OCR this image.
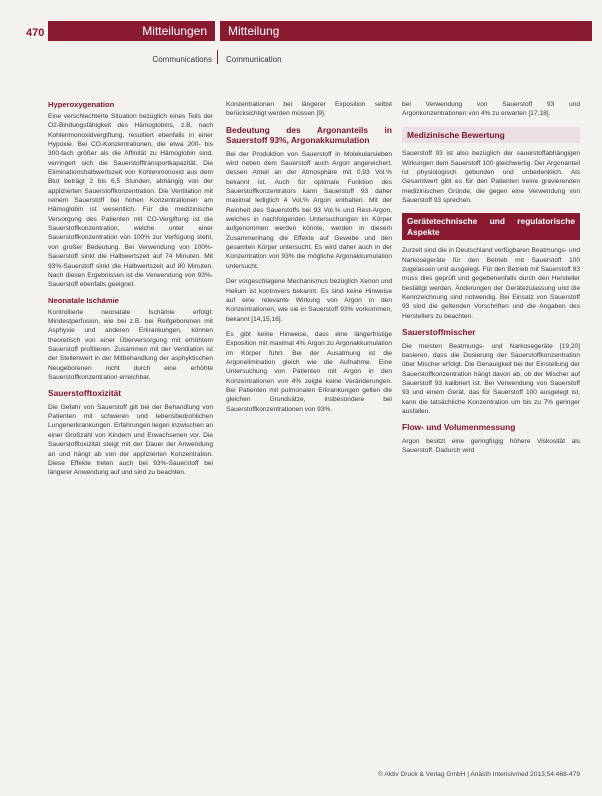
470	Mitteilungen Mitteilung
Communications Communication
Hyperoxygenation

Eine verschlechterte Situation bezüglich eines Teils der O2-Bindungsfähigkeit des Hämoglobins, z.B. nach Kohlenmonoxidvergiftung, resultiert ebenfalls in einer Hypoxie. Bei CO-Konzentrationen, die etwa 200- bis 300-fach größer als die Affinität zu Hämoglobin sind, verringert sich die Sauerstofftransportkapazität. Die Eliminationshalbwertszeit von Kohlenmonoxid aus dem Blut beträgt 2 bis 6,5 Stunden, abhängig von der applizierten Sauerstoffkonzentration. Die Ventilation mit reinem Sauerstoff bei hohen Konzentrationen am Hämoglobin ist wesentlich. Für die medizinische Versorgung des Patienten mit CO-Vergiftung ist die Sauerstoffkonzentration, welche unter einer Sauerstoffkonzentration von 100% zur Verfügung steht, von großer Bedeutung. Bei Verwendung von 100%-Sauerstoff sinkt die Halbwertszeit auf 74 Minuten. Mit 93%-Sauerstoff sinkt die Halbwertszeit auf 80 Minuten. Nach diesen Ergebnissen ist die Verwendung von 93%-Sauerstoff ebenfalls geeignet.

Neonatale Ischämie

Kontrollierte neonatale Ischämie erfolgt: Mindestperfusion, wie bei z.B. bei Reifgeborenen mit Asphyxie und anderen Erkrankungen, können theoretisch von einer Überversorgung mit erhöhtem Sauerstoff profitieren. Zusammen mit der Ventilation ist der Stellenwert in der Mitbehandlung der asphyktischen Neugeborenen nicht durch eine erhöhte Sauerstoffkonzentration erreichbar.

Sauerstofftoxizität

Die Gefahr von Sauerstoff gilt bei der Behandlung von Patienten mit schweren und lebensbedrohlichen Lungenerkrankungen. Erfahrungen liegen inzwischen an einer Großzahl von Kindern und Erwachsenen vor. Die Sauerstofftoxizität steigt mit der Dauer der Anwendung an und hängt ab von der applizierten Konzentration. Diese Effekte treten auch bei 93%-Sauerstoff bei längerer Anwendung auf und sind zu beachten.

Konzentrationen bei längerer Exposition selbst berücksichtigt werden müssen [9].

Bedeutung des Argonanteils in Sauerstoff 93%, Argonakkumulation

Bei der Produktion von Sauerstoff in Molekularsieben wird neben dem Sauerstoff auch Argon angereichert, dessen Anteil an der Atmosphäre mit 0,93 Vol.% bekannt ist. Auch für optimale Funktion des Sauerstoffkonzentrators kann Sauerstoff 93 daher maximal lediglich 4 Vol.% Argon enthalten. Mit der Reinheit des Sauerstoffs bei 93 Vol.% und Rest-Argon, welches in nachfolgenden Untersuchungen im Körper aufgenommen werden könnte, werden in diesem Zusammenhang die Effekte auf Gewebe und den gesamten Körper untersucht. Es wird daher auch in der Konzentration von 93% die mögliche Argonakkumulation untersucht.

Der vorgeschlagene Mechanismus bezüglich Xenon und Helium ist kontrovers bekannt. Es sind keine Hinweise auf eine relevante Wirkung von Argon in den Konzentrationen, wie sie in Sauerstoff 93% vorkommen, bekannt [14,15,16].

Es gibt keine Hinweise, dass eine längerfristige Exposition mit maximal 4% Argon zu Argonakkumulation im Körper führt. Bei der Ausatmung ist die Argonelimination gleich wie die Aufnahme. Eine Untersuchung von Patienten mit Argon in den Konzentrationen von 4% zeigte keine Veränderungen. Bei Patienten mit pulmonalen Erkrankungen gelten die gleichen Grundsätze, insbesondere bei Sauerstoffkonzentrationen von 93%.

bei Verwendung von Sauerstoff 93 und Argonkonzentrationen von 4% zu erwarten [17,18].

Medizinische Bewertung

Sauerstoff 93 ist also bezüglich der sauerstoffabhängigen Wirkungen dem Sauerstoff 100 gleichwertig. Der Argonanteil ist physiologisch gebunden und unbedenklich. Als Gesamtwert gibt es für den Patienten keine gravierenden medizinischen Gründe, die gegen eine Verwendung von Sauerstoff 93 sprechen.

Gerätetechnische und regulatorische Aspekte

Zurzeit sind die in Deutschland verfügbaren Beatmungs- und Narkosegeräte für den Betrieb mit Sauerstoff 100 zugelassen und ausgelegt. Für den Betrieb mit Sauerstoff 93 muss dies geprüft und gegebenenfalls durch den Hersteller bestätigt werden. Änderungen der Gerätezulassung und die Kennzeichnung sind notwendig. Bei Einsatz von Sauerstoff 93 sind die geltenden Vorschriften und die Angaben des Herstellers zu beachten.

Sauerstoffmischer

Die meisten Beatmungs- und Narkosegeräte [19,20] basieren, dass die Dosierung der Sauerstoffkonzentration über Mischer erfolgt. Die Genauigkeit bei der Einstellung der Sauerstoffkonzentration hängt davon ab, ob der Mischer auf Sauerstoff 93 kalibriert ist. Bei Verwendung von Sauerstoff 93 und einem Gerät, das für Sauerstoff 100 ausgelegt ist, kann die tatsächliche Konzentration um bis zu 7% geringer ausfallen.

Flow- und Volumenmessung

Argon besitzt eine geringfügig höhere Viskosität als Sauerstoff. Dadurch wird

© Aktiv Druck & Verlag GmbH | Anästh Intensivmed 2013;54:468-479
